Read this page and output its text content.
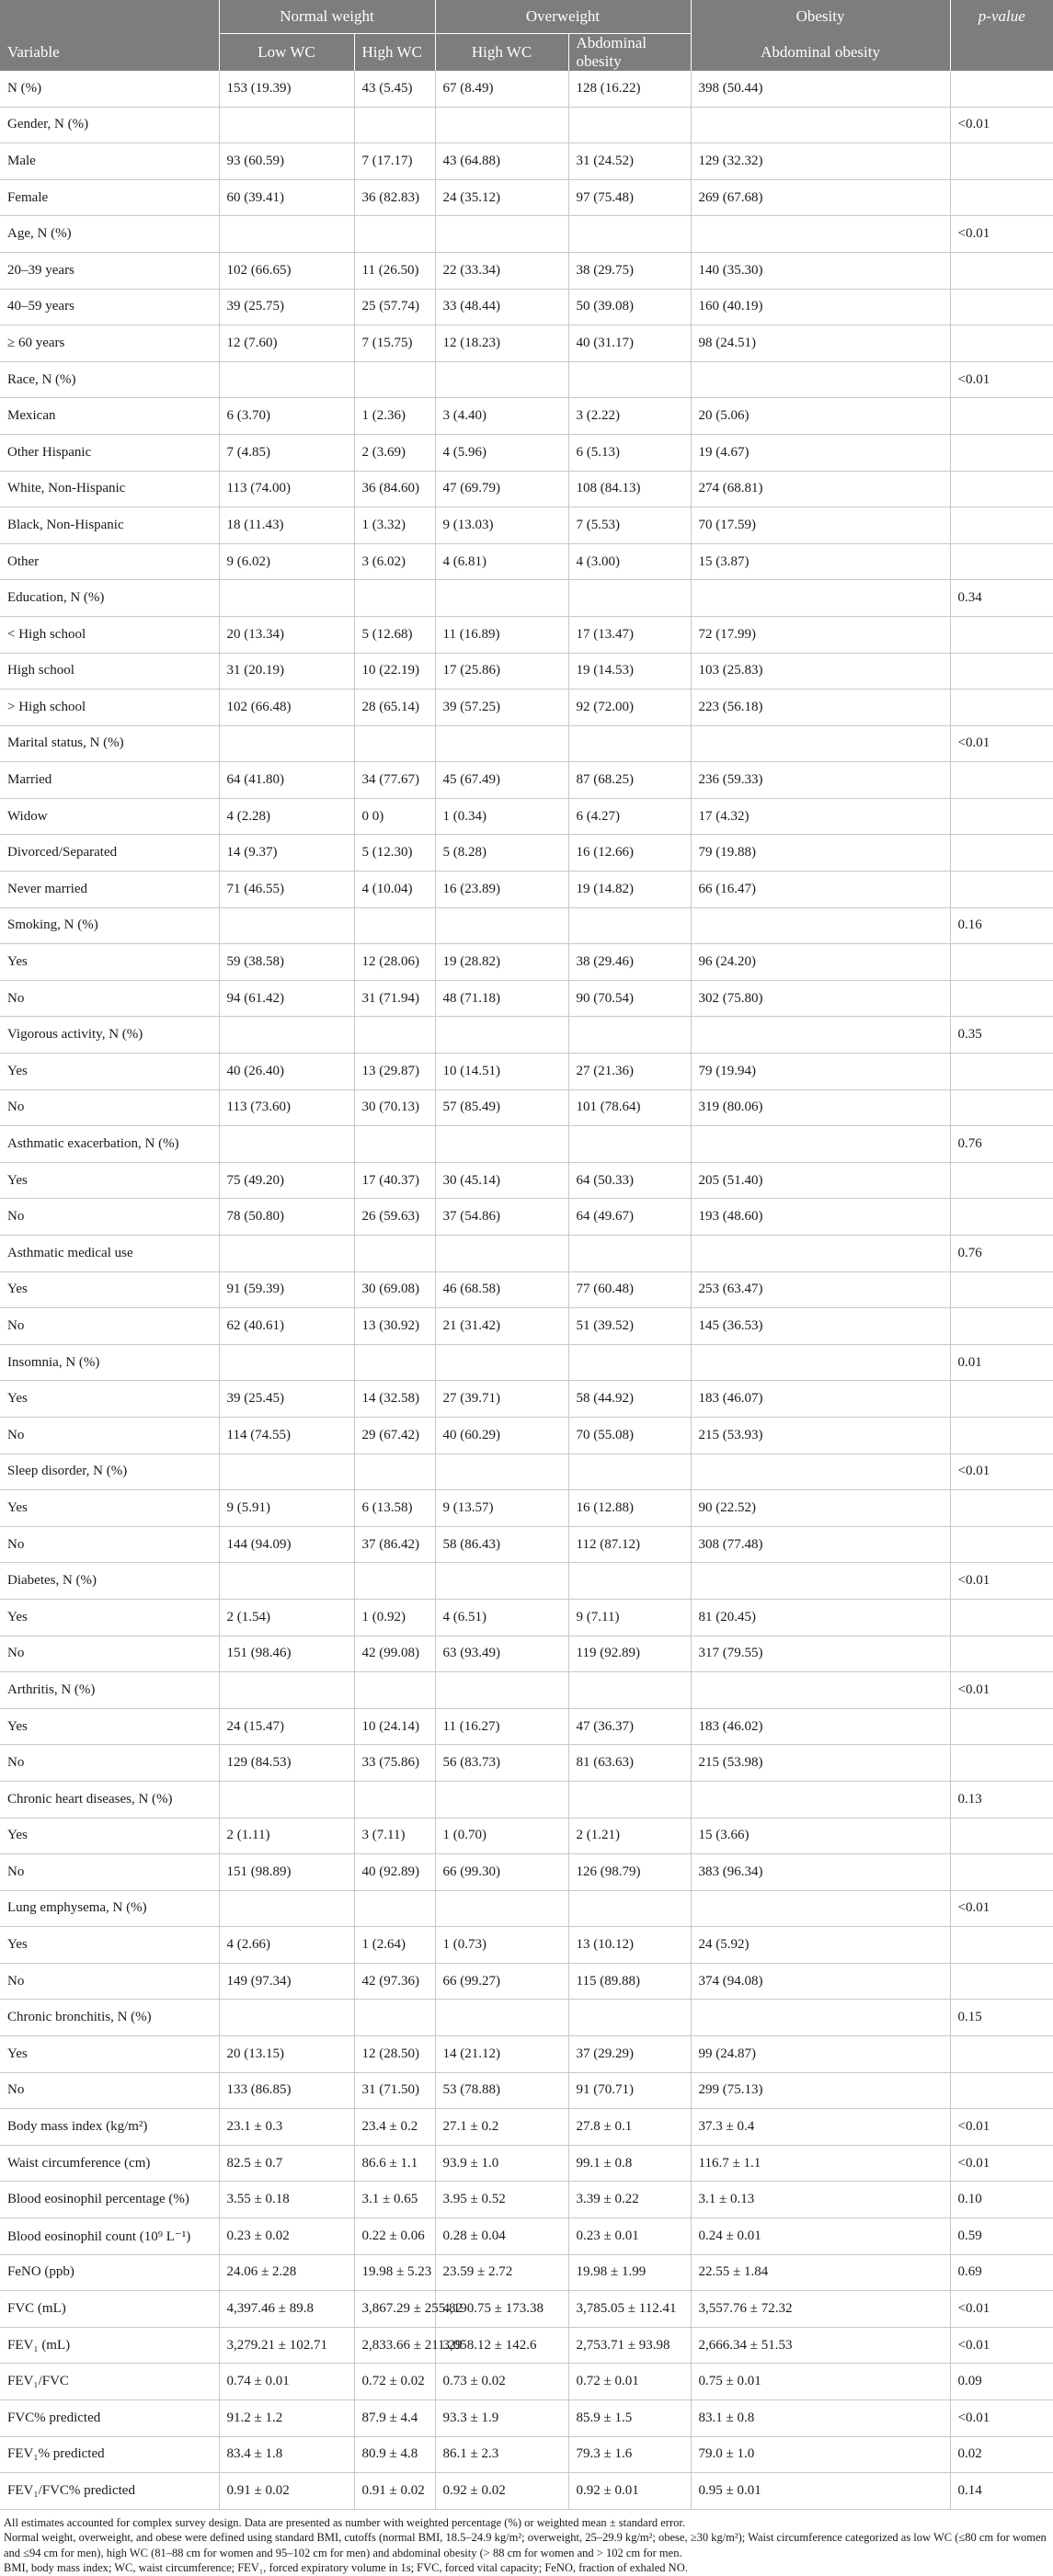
	Normal weight		Overweight		Obesity	p-value
Variable	Low WC	High WC	High WC	Abdominal obesity	Abdominal obesity	
N (%)	153 (19.39)	43 (5.45)	67 (8.49)	128 (16.22)	398 (50.44)	
Gender, N (%)						<0.01
Male	93 (60.59)	7 (17.17)	43 (64.88)	31 (24.52)	129 (32.32)	
Female	60 (39.41)	36 (82.83)	24 (35.12)	97 (75.48)	269 (67.68)	
Age, N (%)						<0.01
20–39 years	102 (66.65)	11 (26.50)	22 (33.34)	38 (29.75)	140 (35.30)	
40–59 years	39 (25.75)	25 (57.74)	33 (48.44)	50 (39.08)	160 (40.19)	
≥ 60 years	12 (7.60)	7 (15.75)	12 (18.23)	40 (31.17)	98 (24.51)	
Race, N (%)						<0.01
Mexican	6 (3.70)	1 (2.36)	3 (4.40)	3 (2.22)	20 (5.06)	
Other Hispanic	7 (4.85)	2 (3.69)	4 (5.96)	6 (5.13)	19 (4.67)	
White, Non-Hispanic	113 (74.00)	36 (84.60)	47 (69.79)	108 (84.13)	274 (68.81)	
Black, Non-Hispanic	18 (11.43)	1 (3.32)	9 (13.03)	7 (5.53)	70 (17.59)	
Other	9 (6.02)	3 (6.02)	4 (6.81)	4 (3.00)	15 (3.87)	
Education, N (%)						0.34
< High school	20 (13.34)	5 (12.68)	11 (16.89)	17 (13.47)	72 (17.99)	
High school	31 (20.19)	10 (22.19)	17 (25.86)	19 (14.53)	103 (25.83)	
> High school	102 (66.48)	28 (65.14)	39 (57.25)	92 (72.00)	223 (56.18)	
Marital status, N (%)						<0.01
Married	64 (41.80)	34 (77.67)	45 (67.49)	87 (68.25)	236 (59.33)	
Widow	4 (2.28)	0 0)	1 (0.34)	6 (4.27)	17 (4.32)	
Divorced/Separated	14 (9.37)	5 (12.30)	5 (8.28)	16 (12.66)	79 (19.88)	
Never married	71 (46.55)	4 (10.04)	16 (23.89)	19 (14.82)	66 (16.47)	
Smoking, N (%)						0.16
Yes	59 (38.58)	12 (28.06)	19 (28.82)	38 (29.46)	96 (24.20)	
No	94 (61.42)	31 (71.94)	48 (71.18)	90 (70.54)	302 (75.80)	
Vigorous activity, N (%)						0.35
Yes	40 (26.40)	13 (29.87)	10 (14.51)	27 (21.36)	79 (19.94)	
No	113 (73.60)	30 (70.13)	57 (85.49)	101 (78.64)	319 (80.06)	
Asthmatic exacerbation, N (%)						0.76
Yes	75 (49.20)	17 (40.37)	30 (45.14)	64 (50.33)	205 (51.40)	
No	78 (50.80)	26 (59.63)	37 (54.86)	64 (49.67)	193 (48.60)	
Asthmatic medical use						0.76
Yes	91 (59.39)	30 (69.08)	46 (68.58)	77 (60.48)	253 (63.47)	
No	62 (40.61)	13 (30.92)	21 (31.42)	51 (39.52)	145 (36.53)	
Insomnia, N (%)						0.01
Yes	39 (25.45)	14 (32.58)	27 (39.71)	58 (44.92)	183 (46.07)	
No	114 (74.55)	29 (67.42)	40 (60.29)	70 (55.08)	215 (53.93)	
Sleep disorder, N (%)						<0.01
Yes	9 (5.91)	6 (13.58)	9 (13.57)	16 (12.88)	90 (22.52)	
No	144 (94.09)	37 (86.42)	58 (86.43)	112 (87.12)	308 (77.48)	
Diabetes, N (%)						<0.01
Yes	2 (1.54)	1 (0.92)	4 (6.51)	9 (7.11)	81 (20.45)	
No	151 (98.46)	42 (99.08)	63 (93.49)	119 (92.89)	317 (79.55)	
Arthritis, N (%)						<0.01
Yes	24 (15.47)	10 (24.14)	11 (16.27)	47 (36.37)	183 (46.02)	
No	129 (84.53)	33 (75.86)	56 (83.73)	81 (63.63)	215 (53.98)	
Chronic heart diseases, N (%)						0.13
Yes	2 (1.11)	3 (7.11)	1 (0.70)	2 (1.21)	15 (3.66)	
No	151 (98.89)	40 (92.89)	66 (99.30)	126 (98.79)	383 (96.34)	
Lung emphysema, N (%)						<0.01
Yes	4 (2.66)	1 (2.64)	1 (0.73)	13 (10.12)	24 (5.92)	
No	149 (97.34)	42 (97.36)	66 (99.27)	115 (89.88)	374 (94.08)	
Chronic bronchitis, N (%)						0.15
Yes	20 (13.15)	12 (28.50)	14 (21.12)	37 (29.29)	99 (24.87)	
No	133 (86.85)	31 (71.50)	53 (78.88)	91 (70.71)	299 (75.13)	
Body mass index (kg/m²)	23.1 ± 0.3	23.4 ± 0.2	27.1 ± 0.2	27.8 ± 0.1	37.3 ± 0.4	<0.01
Waist circumference (cm)	82.5 ± 0.7	86.6 ± 1.1	93.9 ± 1.0	99.1 ± 0.8	116.7 ± 1.1	<0.01
Blood eosinophil percentage (%)	3.55 ± 0.18	3.1 ± 0.65	3.95 ± 0.52	3.39 ± 0.22	3.1 ± 0.13	0.10
Blood eosinophil count (10⁹ L⁻¹)	0.23 ± 0.02	0.22 ± 0.06	0.28 ± 0.04	0.23 ± 0.01	0.24 ± 0.01	0.59
FeNO (ppb)	24.06 ± 2.28	19.98 ± 5.23	23.59 ± 2.72	19.98 ± 1.99	22.55 ± 1.84	0.69
FVC (mL)	4,397.46 ± 89.8	3,867.29 ± 255.82	4,190.75 ± 173.38	3,785.05 ± 112.41	3,557.76 ± 72.32	<0.01
FEV₁ (mL)	3,279.21 ± 102.71	2,833.66 ± 211.29	3,058.12 ± 142.6	2,753.71 ± 93.98	2,666.34 ± 51.53	<0.01
FEV₁/FVC	0.74 ± 0.01	0.72 ± 0.02	0.73 ± 0.02	0.72 ± 0.01	0.75 ± 0.01	0.09
FVC% predicted	91.2 ± 1.2	87.9 ± 4.4	93.3 ± 1.9	85.9 ± 1.5	83.1 ± 0.8	<0.01
FEV₁% predicted	83.4 ± 1.8	80.9 ± 4.8	86.1 ± 2.3	79.3 ± 1.6	79.0 ± 1.0	0.02
FEV₁/FVC% predicted	0.91 ± 0.02	0.91 ± 0.02	0.92 ± 0.02	0.92 ± 0.01	0.95 ± 0.01	0.14

All estimates accounted for complex survey design. Data are presented as number with weighted percentage (%) or weighted mean ± standard error.

Normal weight, overweight, and obese were defined using standard BMI, cutoffs (normal BMI, 18.5–24.9 kg/m²; overweight, 25–29.9 kg/m²; obese, ≥30 kg/m²); Waist circumference categorized as low WC (≤80 cm for women and ≤94 cm for men), high WC (81–88 cm for women and 95–102 cm for men) and abdominal obesity (> 88 cm for women and > 102 cm for men.

BMI, body mass index; WC, waist circumference; FEV₁, forced expiratory volume in 1s; FVC, forced vital capacity; FeNO, fraction of exhaled NO.
